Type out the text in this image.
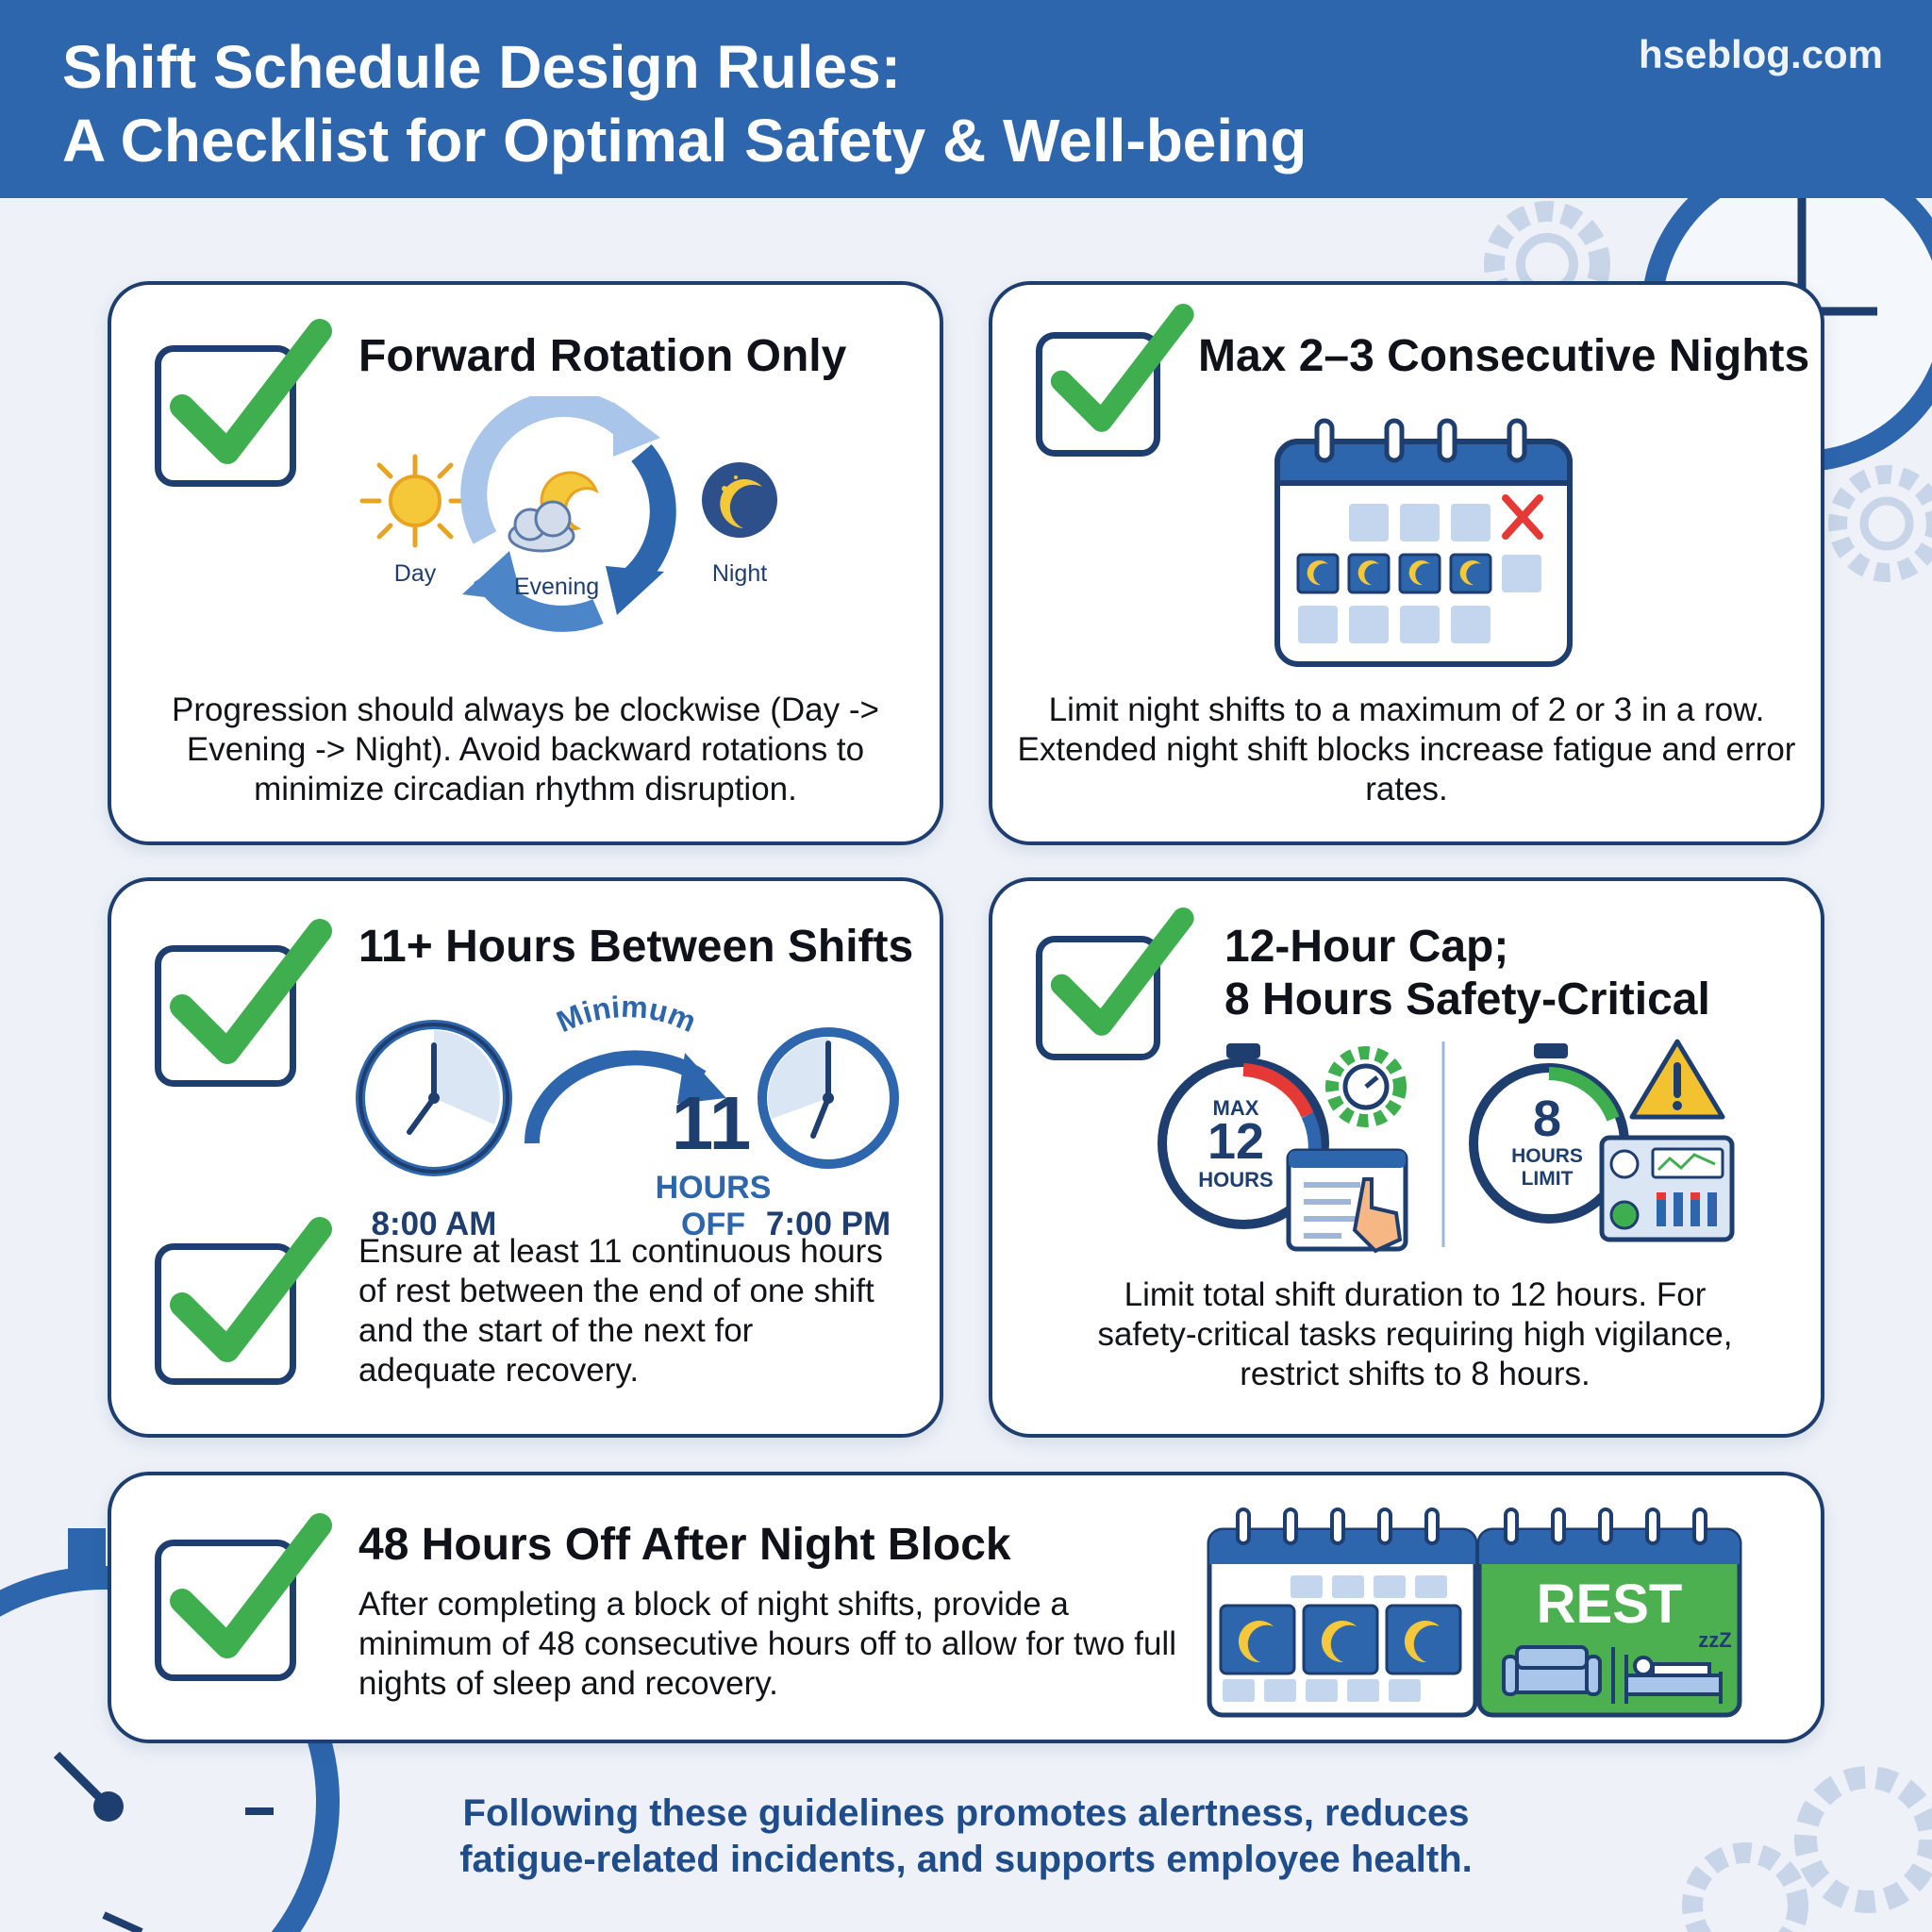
Shift Schedule Design Rules:
A Checklist for Optimal Safety & Well-being
hseblog.com
Forward Rotation Only
Day	Evening	Night
Progression should always be clockwise (Day -> Evening -> Night). Avoid backward rotations to minimize circadian rhythm disruption.
Max 2–3 Consecutive Nights
Limit night shifts to a maximum of 2 or 3 in a row. Extended night shift blocks increase fatigue and error rates.
11+ Hours Between Shifts
8:00 AM
Minimum
11
HOURS
OFF 7:00 PM
Ensure at least 11 continuous hours of rest between the end of one shift and the start of the next for adequate recovery.
12-Hour Cap;
8 Hours Safety-Critical
MAX
12
HOURS
8
HOURS
LIMIT
Limit total shift duration to 12 hours. For safety-critical tasks requiring high vigilance, restrict shifts to 8 hours.
48 Hours Off After Night Block
After completing a block of night shifts, provide a minimum of 48 consecutive hours off to allow for two full nights of sleep and recovery.
REST
zzZ
Following these guidelines promotes alertness, reduces
fatigue-related incidents, and supports employee health.
